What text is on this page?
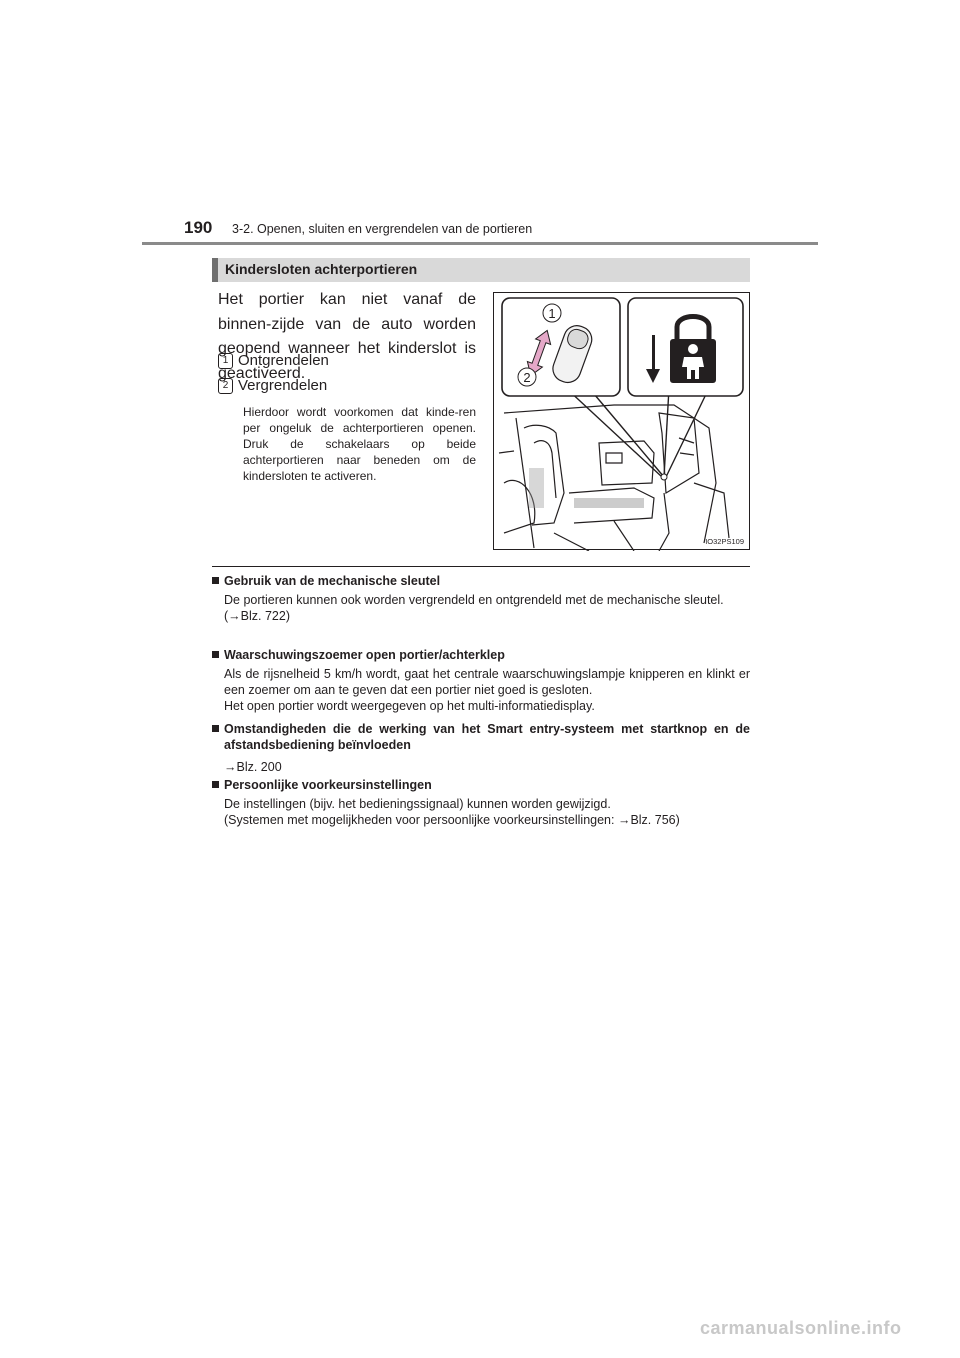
190 3-2. Openen, sluiten en vergrendelen van de portieren
Kindersloten achterportieren
Het portier kan niet vanaf de binnen-zijde van de auto worden geopend wanneer het kinderslot is geactiveerd.
1 Ontgrendelen
2 Vergrendelen
Hierdoor wordt voorkomen dat kinde-ren per ongeluk de achterportieren openen. Druk de schakelaars op beide achterportieren naar beneden om de kindersloten te activeren.
1
2
IO32PS109
Gebruik van de mechanische sleutel
De portieren kunnen ook worden vergrendeld en ontgrendeld met de mechanische sleutel.
(→Blz. 722)
Waarschuwingszoemer open portier/achterklep
Als de rijsnelheid 5 km/h wordt, gaat het centrale waarschuwingslampje knipperen en klinkt er een zoemer om aan te geven dat een portier niet goed is gesloten.
Het open portier wordt weergegeven op het multi-informatiedisplay.
Omstandigheden die de werking van het Smart entry-systeem met startknop en de afstandsbediening beïnvloeden
→Blz. 200
Persoonlijke voorkeursinstellingen
De instellingen (bijv. het bedieningssignaal) kunnen worden gewijzigd.
(Systemen met mogelijkheden voor persoonlijke voorkeursinstellingen: →Blz. 756)
carmanualsonline.info
